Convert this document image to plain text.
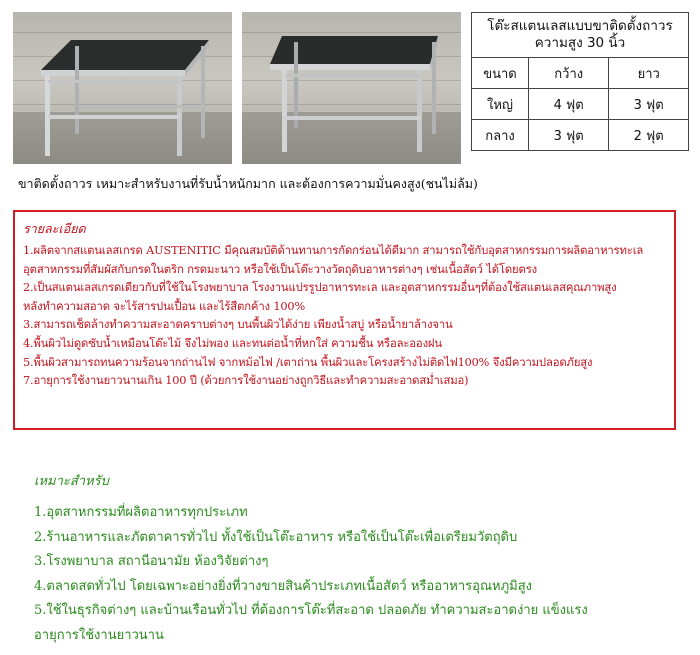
โต๊ะสแตนเลสแบบขาติดตั้งถาวร
ความสูง 30 นิ้ว
ขนาด	กว้าง	ยาว
ใหญ่	4 ฟุต	3 ฟุต
กลาง	3 ฟุต	2 ฟุต
ขาติดตั้งถาวร เหมาะสำหรับงานที่รับน้ำหนักมาก และต้องการความมั่นคงสูง(ชนไม่ล้ม)
รายละเอียด
1.ผลิตจากสแตนเลสเกรด AUSTENITIC มีคุณสมบัติด้านทานการกัดกร่อนได้ดีมาก สามารถใช้กับอุตสาหกรรมการผลิตอาหารทะเล
อุตสาหกรรมที่สัมผัสกับกรดในตริก กรดมะนาว หรือใช้เป็นโต๊ะวางวัตถุดิบอาหารต่างๆ เช่นเนื้อสัตว์ ได้โดยตรง
2.เป็นสแตนเลสเกรดเดียวกับที่ใช้ในโรงพยาบาล โรงงานแปรรูปอาหารทะเล และอุตสาหกรรมอื่นๆที่ต้องใช้สแตนเลสคุณภาพสูง
หลังทำความสอาด จะไร้สารปนเปื้อน และไร้สีตกค้าง 100%
3.สามารถเช็ดล้างทำความสะอาดคราบต่างๆ บนพื้นผิวได้ง่าย เพียงน้ำสบู่ หรือน้ำยาล้างจาน
4.พื้นผิวไม่ดูดซับน้ำเหมือนโต๊ะไม้ จึงไม่พอง และทนต่อน้ำที่หกใส่ ความชื้น หรือละอองฝน
5.พื้นผิวสามารถทนความร้อนจากถ่านไฟ จากหม้อไฟ /เตาถ่าน พื้นผิวและโครงสร้างไม่ติดไฟ100% จึงมีความปลอดภัยสูง
7.อายุการใช้งานยาวนานเกิน 100 ปี (ด้วยการใช้งานอย่างถูกวิธีและทำความสะอาดสม่ำเสมอ)
เหมาะสำหรับ
1.อุตสาหกรรมที่ผลิตอาหารทุกประเภท
2.ร้านอาหารและภัตตาคารทั่วไป ทั้งใช้เป็นโต๊ะอาหาร หรือใช้เป็นโต๊ะเพื่อเตรียมวัตถุดิบ
3.โรงพยาบาล สถานีอนามัย ห้องวิจัยต่างๆ
4.ตลาดสดทั่วไป โดยเฉพาะอย่างยิ่งที่วางขายสินค้าประเภทเนื้อสัตว์ หรืออาหารอุณหภูมิสูง
5.ใช้ในธุรกิจต่างๆ และบ้านเรือนทั่วไป ที่ต้องการโต๊ะที่สะอาด ปลอดภัย ทำความสะอาดง่าย แข็งแรง
อายุการใช้งานยาวนาน
